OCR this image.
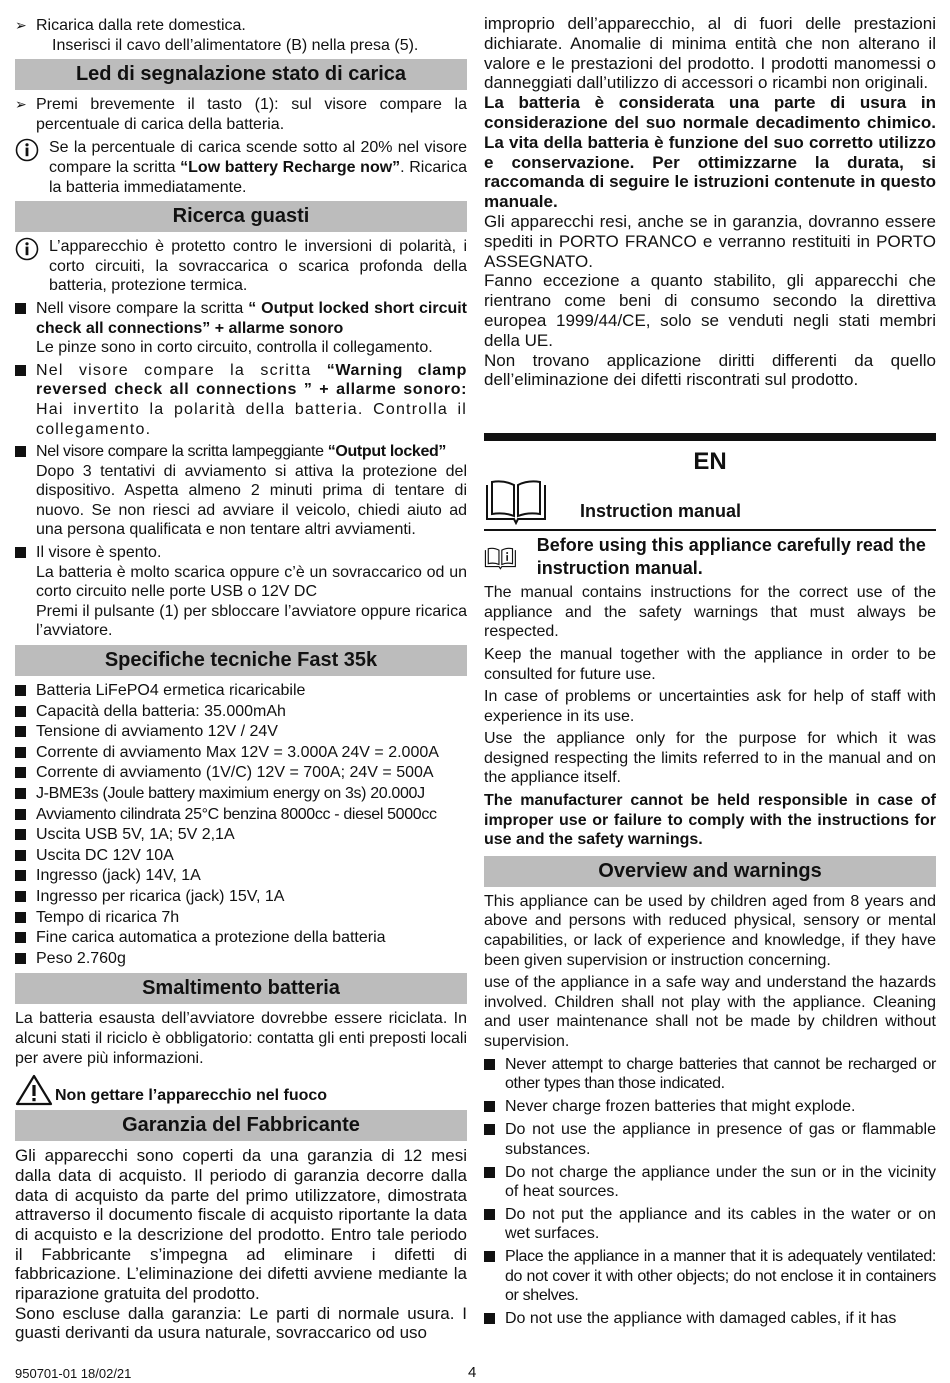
➢ Ricarica dalla rete domestica.

Inserisci il cavo dell’alimentatore (B) nella presa (5).

Led di segnalazione stato di carica
➢ Premi brevemente il tasto (1): sul visore compare la percentuale di carica della batteria.
Se la percentuale di carica scende sotto al 20% nel visore compare la scritta “Low battery Recharge now”. Ricarica la batteria immediatamente.
Ricerca guasti
L’apparecchio è protetto contro le inversioni di polarità, i corto circuiti, la sovraccarica o scarica profonda della batteria, protezione termica.
Nell visore compare la scritta “ Output locked short circuit check all connections” + allarme sonoro
Le pinze sono in corto circuito, controlla il collegamento.
Nel visore compare la scritta “Warning clamp reversed check all connections ” + allarme sonoro: Hai invertito la polarità della batteria. Controlla il collegamento.
Nel visore compare la scritta lampeggiante “Output locked”
Dopo 3 tentativi di avviamento si attiva la protezione del dispositivo. Aspetta almeno 2 minuti prima di tentare di nuovo. Se non riesci ad avviare il veicolo, chiedi aiuto ad una persona qualificata e non tentare altri avviamenti.
Il visore è spento.
La batteria è molto scarica oppure c’è un sovraccarico od un corto circuito nelle porte USB o 12V DC
Premi il pulsante (1) per sbloccare l’avviatore oppure ricarica l’avviatore.
Specifiche tecniche Fast 35k
Batteria LiFePO4 ermetica ricaricabile
Capacità della batteria: 35.000mAh
Tensione di avviamento 12V / 24V
Corrente di avviamento Max 12V = 3.000A 24V = 2.000A
Corrente di avviamento (1V/C) 12V = 700A; 24V = 500A
J-BME3s (Joule battery maximium energy on 3s) 20.000J
Avviamento cilindrata 25°C benzina 8000cc - diesel 5000cc
Uscita USB 5V, 1A; 5V 2,1A
Uscita DC 12V 10A
Ingresso (jack) 14V, 1A
Ingresso per ricarica (jack) 15V, 1A
Tempo di ricarica 7h
Fine carica automatica a protezione della batteria
Peso 2.760g
Smaltimento batteria

La batteria esausta dell’avviatore dovrebbe essere riciclata. In alcuni stati il riciclo è obbligatorio: contatta gli enti preposti locali per avere più informazioni.

Non gettare l’apparecchio nel fuoco
Garanzia del Fabbricante

Gli apparecchi sono coperti da una garanzia di 12 mesi dalla data di acquisto. Il periodo di garanzia decorre dalla data di acquisto da parte del primo utilizzatore, dimostrata attraverso il documento fiscale di acquisto riportante la data di acquisto e la descrizione del prodotto. Entro tale periodo il Fabbricante s’impegna ad eliminare i difetti di fabbricazione. L’eliminazione dei difetti avviene mediante la riparazione gratuita del prodotto.

Sono escluse dalla garanzia: Le parti di normale usura. I guasti derivanti da usura naturale, sovraccarico od uso

improprio dell’apparecchio, al di fuori delle prestazioni dichiarate. Anomalie di minima entità che non alterano il valore e le prestazioni del prodotto. I prodotti manomessi o danneggiati dall’utilizzo di accessori o ricambi non originali.

La batteria è considerata una parte di usura in considerazione del suo normale decadimento chimico. La vita della batteria è funzione del suo corretto utilizzo e conservazione. Per ottimizzarne la durata, si raccomanda di seguire le istruzioni contenute in questo manuale.

Gli apparecchi resi, anche se in garanzia, dovranno essere spediti in PORTO FRANCO e verranno restituiti in PORTO ASSEGNATO.

Fanno eccezione a quanto stabilito, gli apparecchi che rientrano come beni di consumo secondo la direttiva europea 1999/44/CE, solo se venduti negli stati membri della UE.

Non trovano applicazione diritti differenti da quello dell’eliminazione dei difetti riscontrati sul prodotto.

EN
Instruction manual
Before using this appliance carefully read the instruction manual.

The manual contains instructions for the correct use of the appliance and the safety warnings that must always be respected.

Keep the manual together with the appliance in order to be consulted for future use.

In case of problems or uncertainties ask for help of staff with experience in its use.

Use the appliance only for the purpose for which it was designed respecting the limits referred to in the manual and on the appliance itself.

The manufacturer cannot be held responsible in case of improper use or failure to comply with the instructions for use and the safety warnings.

Overview and warnings

This appliance can be used by children aged from 8 years and above and persons with reduced physical, sensory or mental capabilities, or lack of experience and knowledge, if they have been given supervision or instruction concerning.

use of the appliance in a safe way and understand the hazards involved. Children shall not play with the appliance. Cleaning and user maintenance shall not be made by children without supervision.

Never attempt to charge batteries that cannot be recharged or other types than those indicated.
Never charge frozen batteries that might explode.
Do not use the appliance in presence of gas or flammable substances.
Do not charge the appliance under the sun or in the vicinity of heat sources.
Do not put the appliance and its cables in the water or on wet surfaces.
Place the appliance in a manner that it is adequately ventilated: do not cover it with other objects; do not enclose it in containers or shelves.
Do not use the appliance with damaged cables, if it has
950701-01 18/02/21	4
